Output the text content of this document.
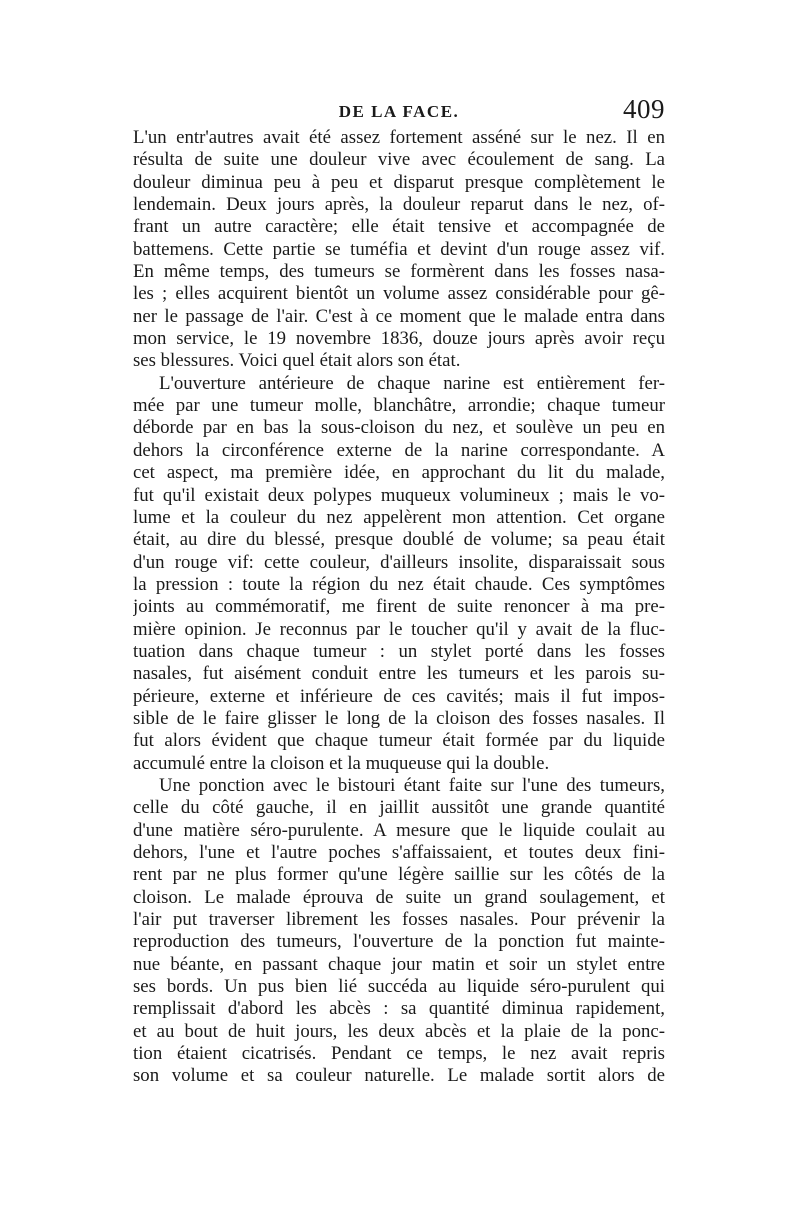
DE LA FACE.	409
L'un entr'autres avait été assez fortement asséné sur le nez. Il en
résulta de suite une douleur vive avec écoulement de sang. La
douleur diminua peu à peu et disparut presque complètement le
lendemain. Deux jours après, la douleur reparut dans le nez, of-
frant un autre caractère; elle était tensive et accompagnée de
battemens. Cette partie se tuméfia et devint d'un rouge assez vif.
En même temps, des tumeurs se formèrent dans les fosses nasa-
les ; elles acquirent bientôt un volume assez considérable pour gê-
ner le passage de l'air. C'est à ce moment que le malade entra dans
mon service, le 19 novembre 1836, douze jours après avoir reçu
ses blessures. Voici quel était alors son état.
L'ouverture antérieure de chaque narine est entièrement fer-
mée par une tumeur molle, blanchâtre, arrondie; chaque tumeur
déborde par en bas la sous-cloison du nez, et soulève un peu en
dehors la circonférence externe de la narine correspondante. A
cet aspect, ma première idée, en approchant du lit du malade,
fut qu'il existait deux polypes muqueux volumineux ; mais le vo-
lume et la couleur du nez appelèrent mon attention. Cet organe
était, au dire du blessé, presque doublé de volume; sa peau était
d'un rouge vif: cette couleur, d'ailleurs insolite, disparaissait sous
la pression : toute la région du nez était chaude. Ces symptômes
joints au commémoratif, me firent de suite renoncer à ma pre-
mière opinion. Je reconnus par le toucher qu'il y avait de la fluc-
tuation dans chaque tumeur : un stylet porté dans les fosses
nasales, fut aisément conduit entre les tumeurs et les parois su-
périeure, externe et inférieure de ces cavités; mais il fut impos-
sible de le faire glisser le long de la cloison des fosses nasales. Il
fut alors évident que chaque tumeur était formée par du liquide
accumulé entre la cloison et la muqueuse qui la double.
Une ponction avec le bistouri étant faite sur l'une des tumeurs,
celle du côté gauche, il en jaillit aussitôt une grande quantité
d'une matière séro-purulente. A mesure que le liquide coulait au
dehors, l'une et l'autre poches s'affaissaient, et toutes deux fini-
rent par ne plus former qu'une légère saillie sur les côtés de la
cloison. Le malade éprouva de suite un grand soulagement, et
l'air put traverser librement les fosses nasales. Pour prévenir la
reproduction des tumeurs, l'ouverture de la ponction fut mainte-
nue béante, en passant chaque jour matin et soir un stylet entre
ses bords. Un pus bien lié succéda au liquide séro-purulent qui
remplissait d'abord les abcès : sa quantité diminua rapidement,
et au bout de huit jours, les deux abcès et la plaie de la ponc-
tion étaient cicatrisés. Pendant ce temps, le nez avait repris
son volume et sa couleur naturelle. Le malade sortit alors de
